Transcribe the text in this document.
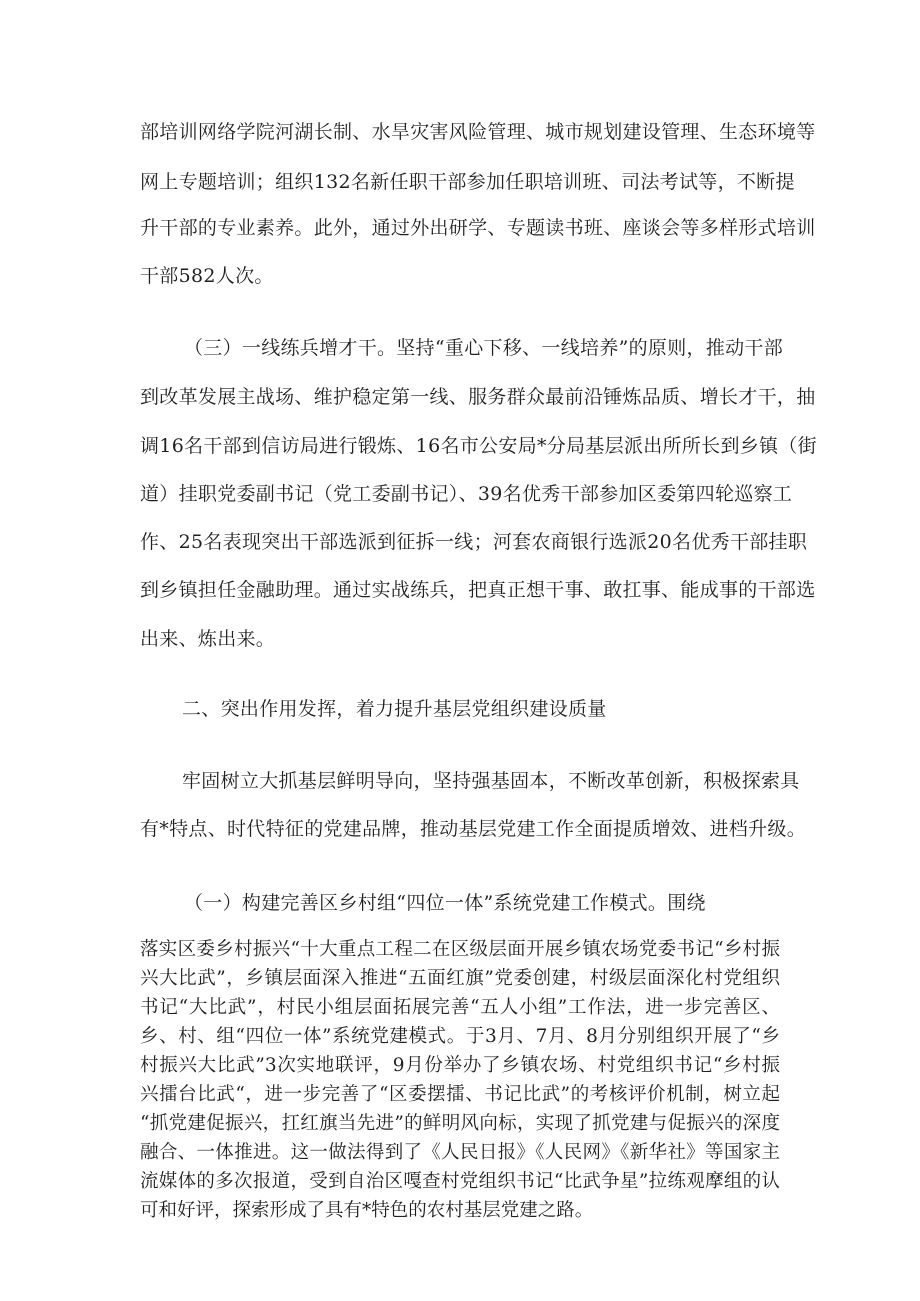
部培训网络学院河湖长制、水旱灾害风险管理、城市规划建设管理、生态环境等
网上专题培训；组织132名新任职干部参加任职培训班、司法考试等，不断提
升干部的专业素养。此外，通过外出研学、专题读书班、座谈会等多样形式培训
干部582人次。
（三）一线练兵增才干。坚持“重心下移、一线培养”的原则，推动干部
到改革发展主战场、维护稳定第一线、服务群众最前沿锤炼品质、增长才干，抽
调16名干部到信访局进行锻炼、16名市公安局*分局基层派出所所长到乡镇（街
道）挂职党委副书记（党工委副书记）、39名优秀干部参加区委第四轮巡察工
作、25名表现突出干部选派到征拆一线；河套农商银行选派20名优秀干部挂职
到乡镇担任金融助理。通过实战练兵，把真正想干事、敢扛事、能成事的干部选
出来、炼出来。
二、突出作用发挥，着力提升基层党组织建设质量
牢固树立大抓基层鲜明导向，坚持强基固本，不断改革创新，积极探索具
有*特点、时代特征的党建品牌，推动基层党建工作全面提质增效、进档升级。
（一）构建完善区乡村组“四位一体”系统党建工作模式。围绕
落实区委乡村振兴“十大重点工程二在区级层面开展乡镇农场党委书记“乡村振
兴大比武”，乡镇层面深入推进“五面红旗”党委创建，村级层面深化村党组织
书记“大比武”，村民小组层面拓展完善“五人小组”工作法，进一步完善区、
乡、村、组“四位一体”系统党建模式。于3月、7月、8月分别组织开展了“乡
村振兴大比武”3次实地联评，9月份举办了乡镇农场、村党组织书记“乡村振
兴擂台比武“，进一步完善了“区委摆擂、书记比武”的考核评价机制，树立起
“抓党建促振兴，扛红旗当先进”的鲜明风向标，实现了抓党建与促振兴的深度
融合、一体推进。这一做法得到了《人民日报》《人民网》《新华社》等国家主
流媒体的多次报道，受到自治区嘎查村党组织书记“比武争星”拉练观摩组的认
可和好评，探索形成了具有*特色的农村基层党建之路。
